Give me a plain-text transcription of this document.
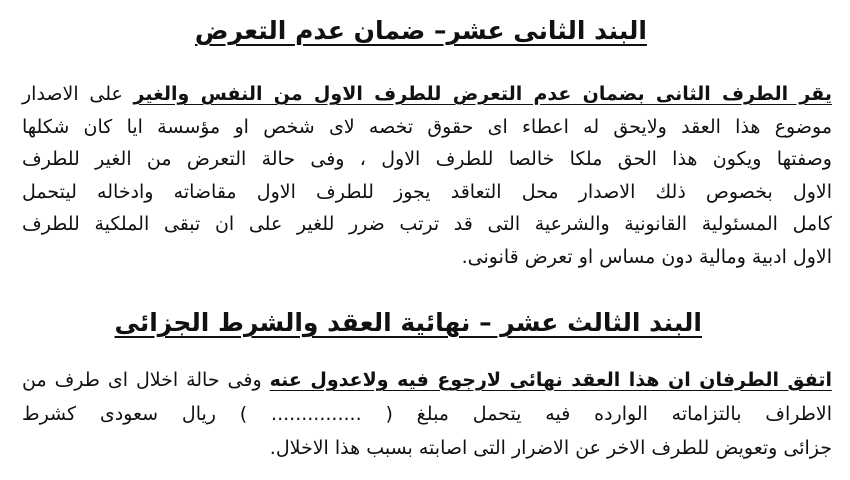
البند الثانى عشر– ضمان عدم التعرض
يقر الطرف الثانى بضمان عدم التعرض للطرف الاول من النفس والغير على الاصدار
موضوع هذا العقد ولايحق له اعطاء اى حقوق تخصه لاى شخص او مؤسسة ايا كان شكلها
وصفتها ويكون هذا الحق ملكا خالصا للطرف الاول ، وفى حالة التعرض من الغير للطرف
الاول بخصوص ذلك الاصدار محل التعاقد يجوز للطرف الاول مقاضاته وادخاله ليتحمل
كامل المسئولية القانونية والشرعية التى قد ترتب ضرر للغير على ان تبقى الملكية للطرف
الاول ادبية ومالية دون مساس او تعرض قانونى.
البند الثالث عشر – نهائية العقد والشرط الجزائى
اتفق الطرفان ان هذا العقد نهائى لارجوع فيه ولاعدول عنه وفى حالة اخلال اى طرف من
الاطراف بالتزاماته الوارده فيه يتحمل مبلغ ( ............... ) ريال سعودى كشرط
جزائى وتعويض للطرف الاخر عن الاضرار التى اصابته بسبب هذا الاخلال.
